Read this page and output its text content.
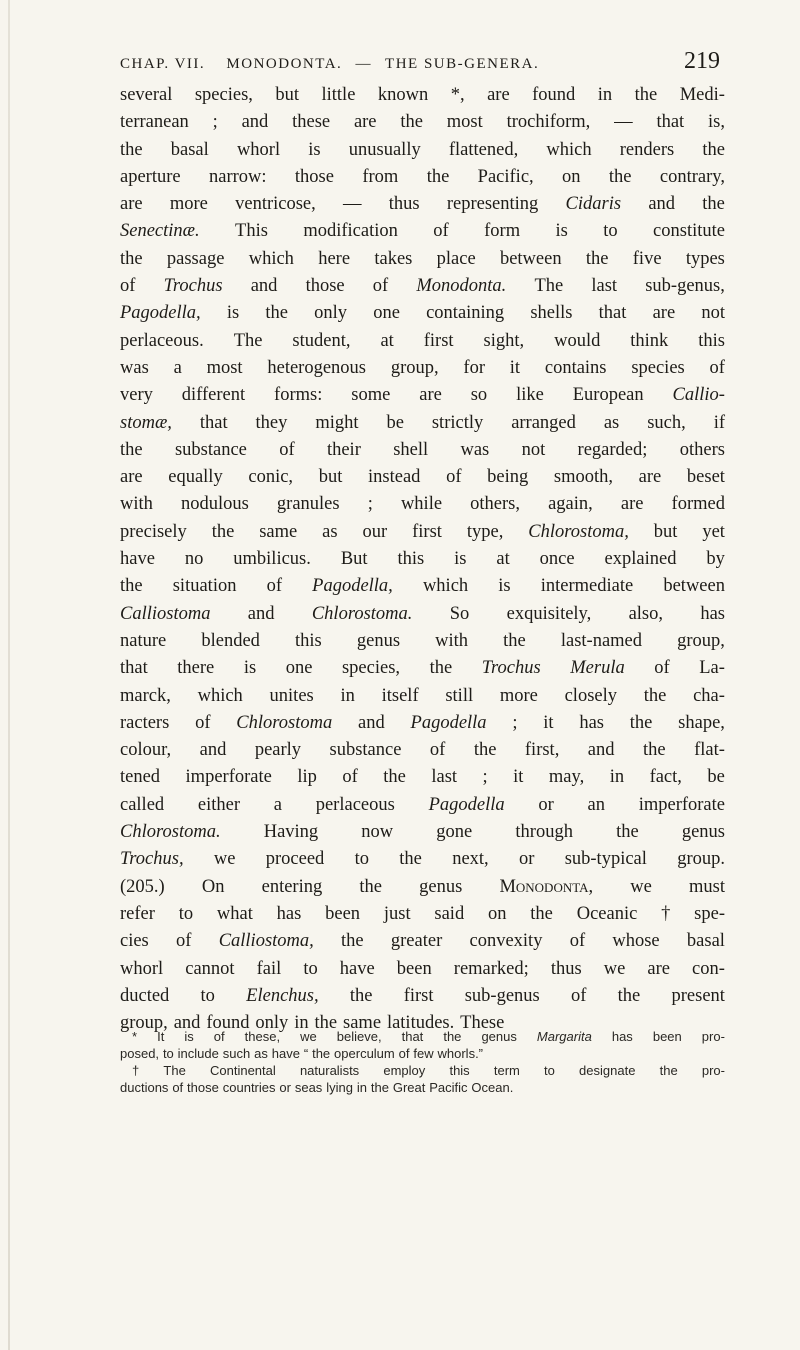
CHAP. VII. MONODONTA. — THE SUB-GENERA.	219
several species, but little known *, are found in the Medi-
terranean ; and these are the most trochiform, — that is,
the basal whorl is unusually flattened, which renders the
aperture narrow: those from the Pacific, on the contrary,
are more ventricose, — thus representing Cidaris and the
Senectinæ. This modification of form is to constitute
the passage which here takes place between the five types
of Trochus and those of Monodonta. The last sub-genus,
Pagodella, is the only one containing shells that are not
perlaceous. The student, at first sight, would think this
was a most heterogenous group, for it contains species of
very different forms: some are so like European Callio-
stomæ, that they might be strictly arranged as such, if
the substance of their shell was not regarded; others
are equally conic, but instead of being smooth, are beset
with nodulous granules ; while others, again, are formed
precisely the same as our first type, Chlorostoma, but yet
have no umbilicus. But this is at once explained by
the situation of Pagodella, which is intermediate between
Calliostoma and Chlorostoma. So exquisitely, also, has
nature blended this genus with the last-named group,
that there is one species, the Trochus Merula of La-
marck, which unites in itself still more closely the cha-
racters of Chlorostoma and Pagodella ; it has the shape,
colour, and pearly substance of the first, and the flat-
tened imperforate lip of the last ; it may, in fact, be
called either a perlaceous Pagodella or an imperforate
Chlorostoma. Having now gone through the genus
Trochus, we proceed to the next, or sub-typical group.
(205.) On entering the genus Monodonta, we must
refer to what has been just said on the Oceanic † spe-
cies of Calliostoma, the greater convexity of whose basal
whorl cannot fail to have been remarked; thus we are con-
ducted to Elenchus, the first sub-genus of the present
group, and found only in the same latitudes. These
* It is of these, we believe, that the genus Margarita has been pro-
posed, to include such as have “ the operculum of few whorls.”
† The Continental naturalists employ this term to designate the pro-
ductions of those countries or seas lying in the Great Pacific Ocean.
